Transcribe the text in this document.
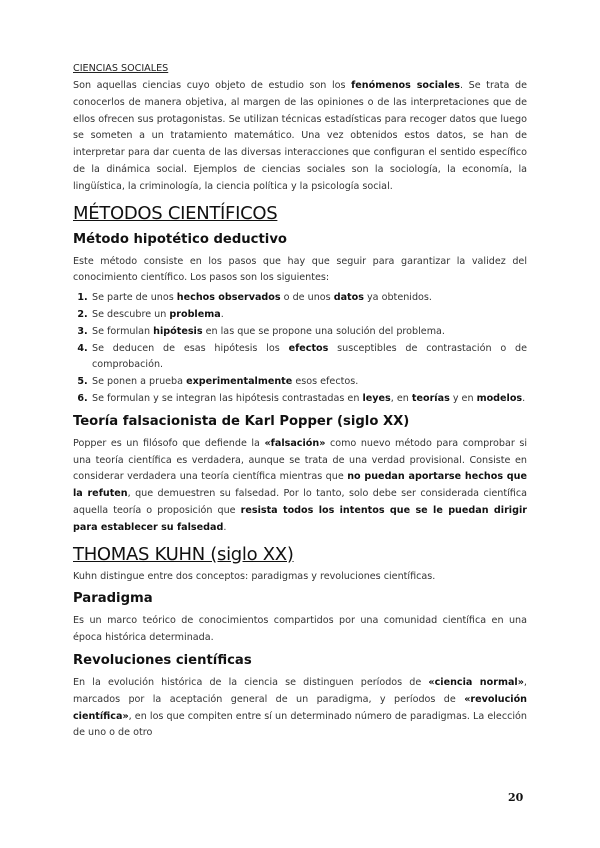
CIENCIAS SOCIALES

Son aquellas ciencias cuyo objeto de estudio son los fenómenos sociales. Se trata de conocerlos de manera objetiva, al margen de las opiniones o de las interpretaciones que de ellos ofrecen sus protagonistas. Se utilizan técnicas estadísticas para recoger datos que luego se someten a un tratamiento matemático. Una vez obtenidos estos datos, se han de interpretar para dar cuenta de las diversas interacciones que configuran el sentido específico de la dinámica social. Ejemplos de ciencias sociales son la sociología, la economía, la lingüística, la criminología, la ciencia política y la psicología social.

MÉTODOS CIENTÍFICOS
Método hipotético deductivo

Este método consiste en los pasos que hay que seguir para garantizar la validez del conocimiento científico. Los pasos son los siguientes:

1. Se parte de unos hechos observados o de unos datos ya obtenidos.
2. Se descubre un problema.
3. Se formulan hipótesis en las que se propone una solución del problema.
4. Se deducen de esas hipótesis los efectos susceptibles de contrastación o de comprobación.
5. Se ponen a prueba experimentalmente esos efectos.
6. Se formulan y se integran las hipótesis contrastadas en leyes, en teorías y en modelos.
Teoría falsacionista de Karl Popper (siglo XX)

Popper es un filósofo que defiende la «falsación» como nuevo método para comprobar si una teoría científica es verdadera, aunque se trata de una verdad provisional. Consiste en considerar verdadera una teoría científica mientras que no puedan aportarse hechos que la refuten, que demuestren su falsedad. Por lo tanto, solo debe ser considerada científica aquella teoría o proposición que resista todos los intentos que se le puedan dirigir para establecer su falsedad.

THOMAS KUHN (siglo XX)

Kuhn distingue entre dos conceptos: paradigmas y revoluciones científicas.

Paradigma

Es un marco teórico de conocimientos compartidos por una comunidad científica en una época histórica determinada.

Revoluciones científicas

En la evolución histórica de la ciencia se distinguen períodos de «ciencia normal», marcados por la aceptación general de un paradigma, y períodos de «revolución científica», en los que compiten entre sí un determinado número de paradigmas. La elección de uno o de otro

20
